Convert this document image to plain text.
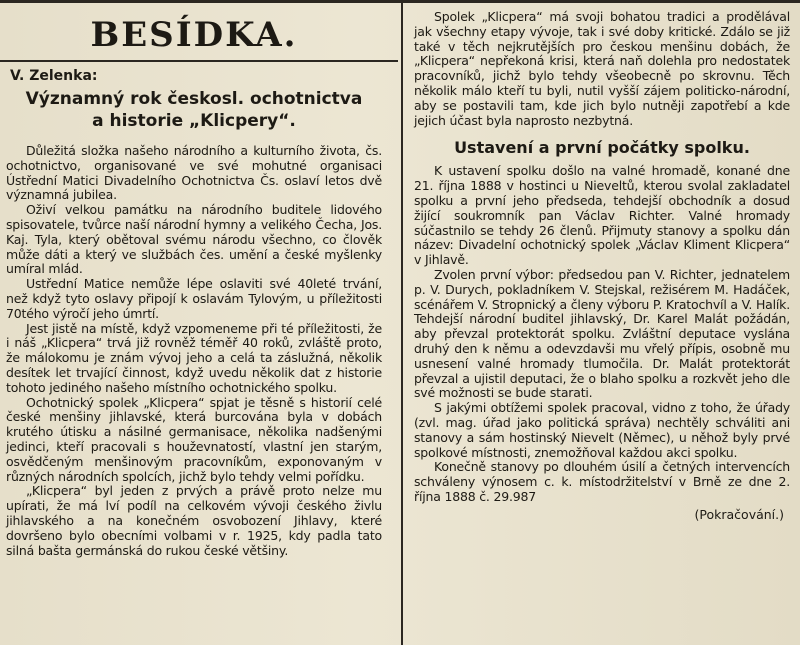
BESÍDKA.
V. Zelenka:
Významný rok českosl. ochotnictva
a historie „Klicpery“.

Důležitá složka našeho národního a kulturního života, čs. ochotnictvo, organisované ve své mohutné organisaci Ústřední Matici Divadelního Ochotnictva Čs. oslaví letos dvě významná jubilea.

Oživí velkou památku na národního buditele lidového spisovatele, tvůrce naší národní hymny a velikého Čecha, Jos. Kaj. Tyla, který obětoval svému národu všechno, co člověk může dáti a který ve službách čes. umění a české myšlenky umíral mlád.

Ustřední Matice nemůže lépe oslaviti své 40leté trvání, než když tyto oslavy připojí k oslavám Tylovým, u příležitosti 70tého výročí jeho úmrtí.

Jest jistě na místě, když vzpomeneme při té příležitosti, že i náš „Klicpera“ trvá již rovněž téměř 40 roků, zvláště proto, že málokomu je znám vývoj jeho a celá ta záslužná, několik desítek let trvající činnost, když uvedu několik dat z historie tohoto jediného našeho místního ochotnického spolku.

Ochotnický spolek „Klicpera“ spjat je těsně s historií celé české menšiny jihlavské, která burcována byla v dobách krutého útisku a násilné germanisace, několika nadšenými jedinci, kteří pracovali s houževnatostí, vlastní jen starým, osvědčeným menšinovým pracovníkům, exponovaným v různých národních spolcích, jichž bylo tehdy velmi pořídku.

„Klicpera“ byl jeden z prvých a právě proto nelze mu upírati, že má lví podíl na celkovém vývoji českého živlu jihlavského a na konečném osvobození Jihlavy, které dovršeno bylo obecními volbami v r. 1925, kdy padla tato silná bašta germánská do rukou české většiny.

Spolek „Klicpera“ má svoji bohatou tradici a prodělával jak všechny etapy vývoje, tak i své doby kritické. Zdálo se již také v těch nejkrutějších pro českou menšinu dobách, že „Klicpera“ nepřekoná krisi, která naň dolehla pro nedostatek pracovníků, jichž bylo tehdy všeobecně po skrovnu. Těch několik málo kteří tu byli, nutil vyšší zájem politicko-národní, aby se postavili tam, kde jich bylo nutněji zapotřebí a kde jejich účast byla naprosto nezbytná.

Ustavení a první počátky spolku.

K ustavení spolku došlo na valné hromadě, konané dne 21. října 1888 v hostinci u Nieveltů, kterou svolal zakladatel spolku a první jeho předseda, tehdejší obchodník a dosud žijící soukromník pan Václav Richter. Valné hromady súčastnilo se tehdy 26 členů. Přijmuty stanovy a spolku dán název: Divadelní ochotnický spolek „Václav Kliment Klicpera“ v Jihlavě.

Zvolen první výbor: předsedou pan V. Richter, jednatelem p. V. Durych, pokladníkem V. Stejskal, režisérem M. Hadáček, scénářem V. Stropnický a členy výboru P. Kratochvíl a V. Halík. Tehdejší národní buditel jihlavský, Dr. Karel Malát požádán, aby převzal protektorát spolku. Zvláštní deputace vyslána druhý den k němu a odevzdavši mu vřelý přípis, osobně mu usnesení valné hromady tlumočila. Dr. Malát protektorát převzal a ujistil deputaci, že o blaho spolku a rozkvět jeho dle své možnosti se bude starati.

S jakými obtížemi spolek pracoval, vidno z toho, že úřady (zvl. mag. úřad jako politická správa) nechtěly schváliti ani stanovy a sám hostinský Nievelt (Němec), u něhož byly prvé spolkové místnosti, znemožňoval každou akci spolku.

Konečně stanovy po dlouhém úsilí a četných intervencích schváleny výnosem c. k. místodržitelství v Brně ze dne 2. října 1888 č. 29.987

(Pokračování.)
